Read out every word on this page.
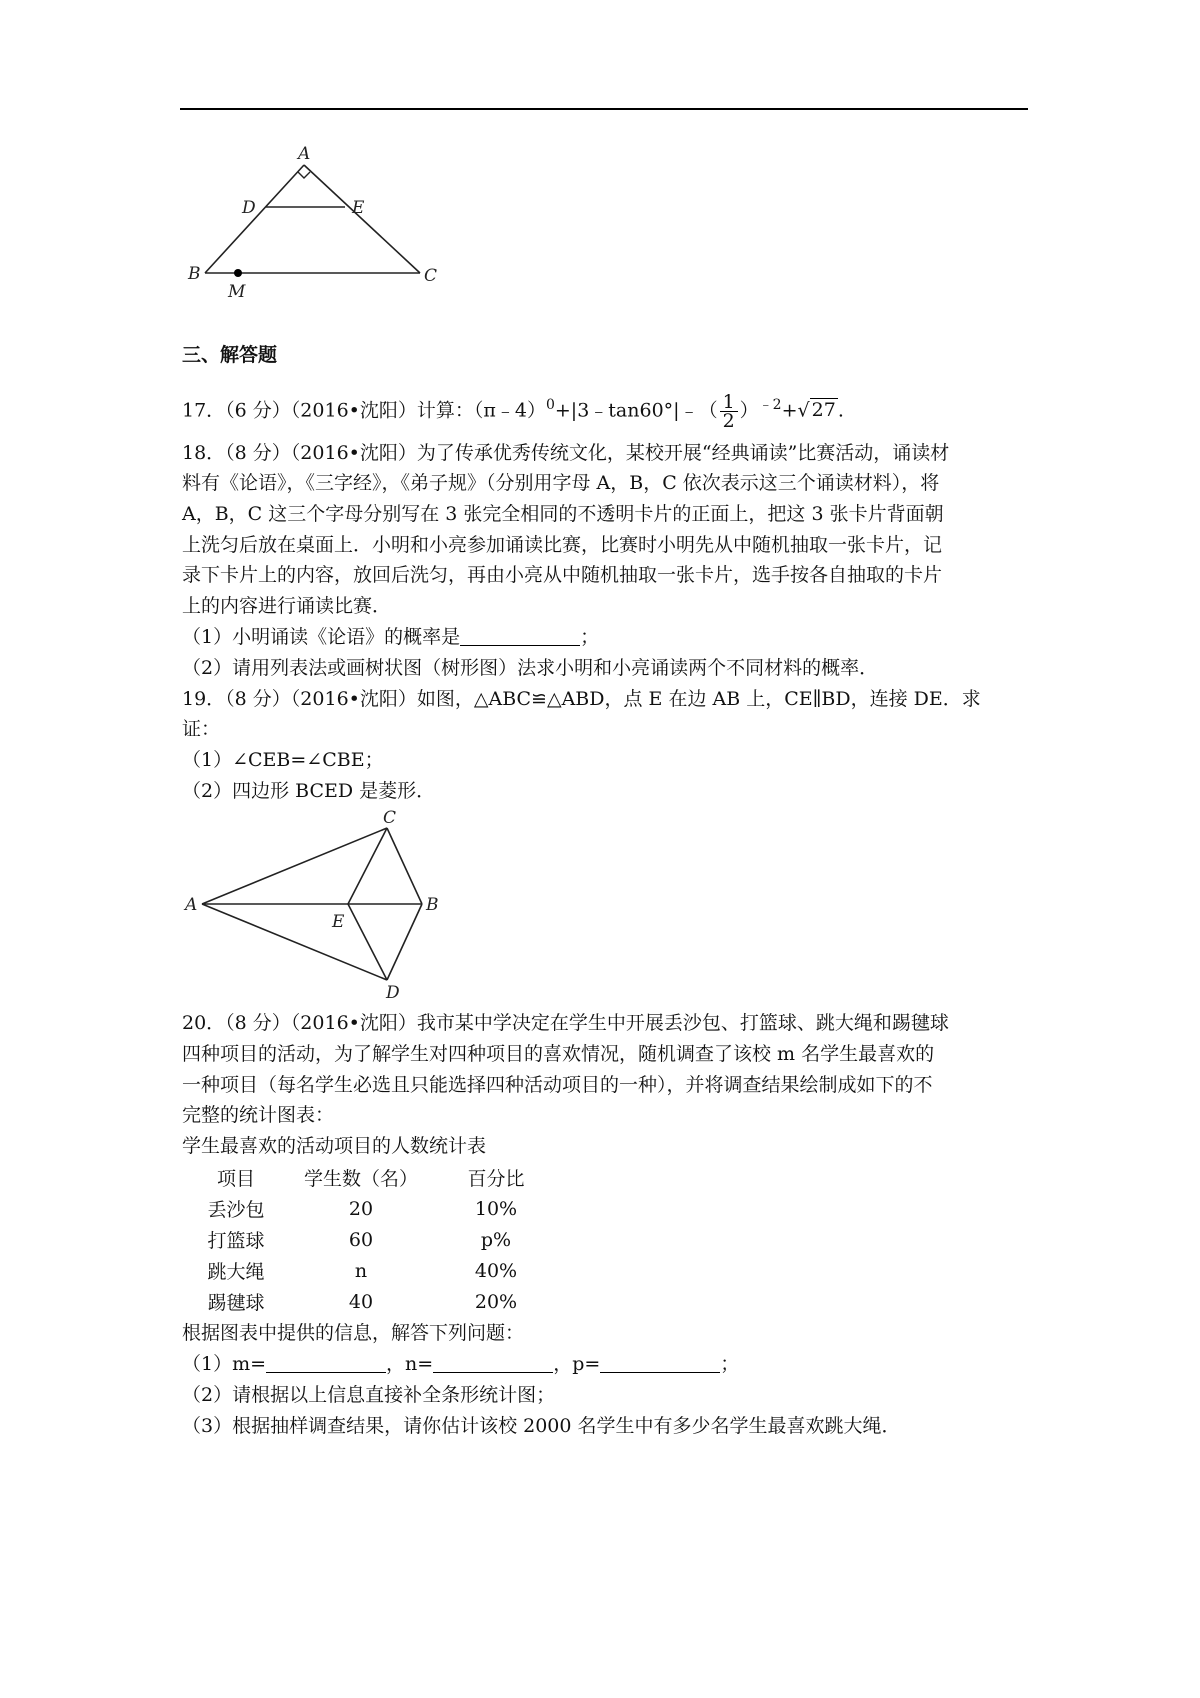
A
D	E
B
M
C
三、解答题
17．（6 分）（2016•沈阳）计算：（π﹣4）$^0$+|3﹣tan60°|﹣（ $\frac{1}{2} )^{﹣2}+√$ 27 .
18．（8 分）（2016•沈阳）为了传承优秀传统文化，某校开展“经典诵读”比赛活动，诵读材
料有《论语》，《三字经》，《弟子规》（分别用字母 A，B，C 依次表示这三个诵读材料），将
A，B，C 这三个字母分别写在 3 张完全相同的不透明卡片的正面上，把这 3 张卡片背面朝
上洗匀后放在桌面上．小明和小亮参加诵读比赛，比赛时小明先从中随机抽取一张卡片，记
录下卡片上的内容，放回后洗匀，再由小亮从中随机抽取一张卡片，选手按各自抽取的卡片
上的内容进行诵读比赛．
（1）小明诵读《论语》的概率是	；
（2）请用列表法或画树状图（树形图）法求小明和小亮诵读两个不同材料的概率．
19．（8 分）（2016•沈阳）如图，△ABC≌△ABD，点 E 在边 AB 上，CE∥BD，连接 DE．求
证：
（1）∠CEB=∠CBE；
（2）四边形 BCED 是菱形．
C
A
E
B
D
20．（8 分）（2016•沈阳）我市某中学决定在学生中开展丢沙包、打篮球、跳大绳和踢毽球
四种项目的活动，为了解学生对四种项目的喜欢情况，随机调查了该校 m 名学生最喜欢的
一种项目（每名学生必选且只能选择四种活动项目的一种），并将调查结果绘制成如下的不
完整的统计图表：
学生最喜欢的活动项目的人数统计表
项目	学生数（名）	百分比
丢沙包	20	10%
打篮球	60	p%
跳大绳	n	40%
踢毽球	40	20%
根据图表中提供的信息，解答下列问题：
（1）m=	，n=	，p=	；
（2）请根据以上信息直接补全条形统计图；
（3）根据抽样调查结果，请你估计该校 2000 名学生中有多少名学生最喜欢跳大绳．
